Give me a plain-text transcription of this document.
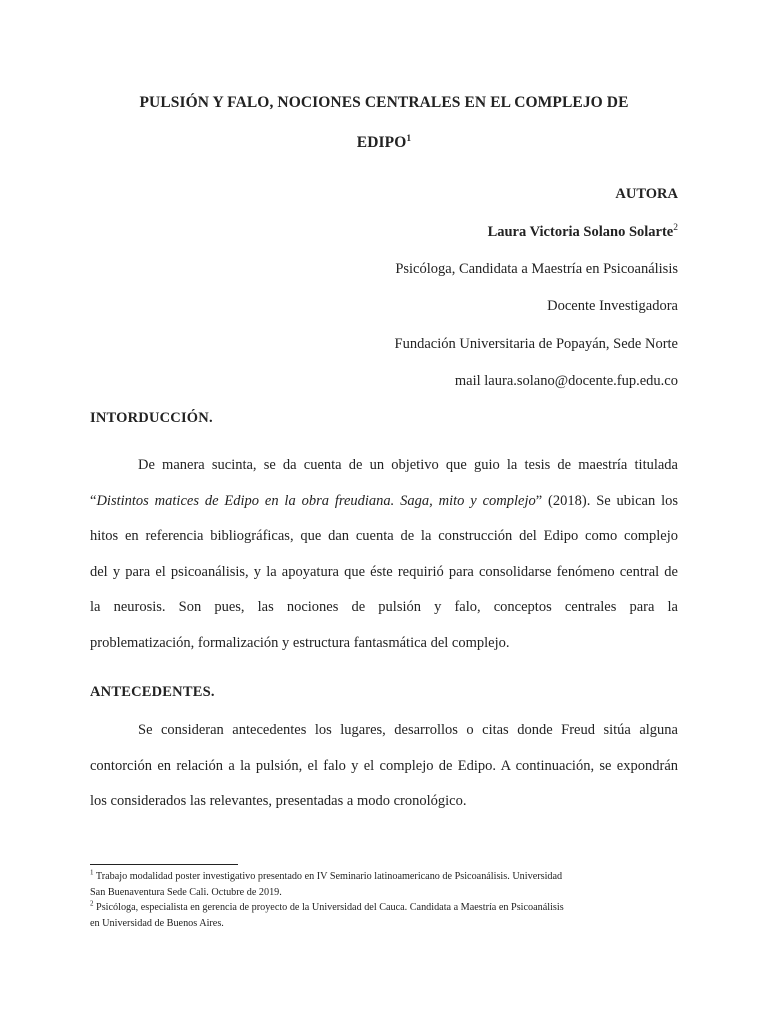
PULSIÓN Y FALO, NOCIONES CENTRALES EN EL COMPLEJO DE
EDIPO$^1$
AUTORA
Laura Victoria Solano Solarte$^2$
Psicóloga, Candidata a Maestría en Psicoanálisis
Docente Investigadora
Fundación Universitaria de Popayán, Sede Norte
mail laura.solano@docente.fup.edu.co
INTORDUCCIÓN.
De manera sucinta, se da cuenta de un objetivo que guio la tesis de maestría titulada
“Distintos matices de Edipo en la obra freudiana. Saga, mito y complejo” (2018). Se ubican los
hitos en referencia bibliográficas, que dan cuenta de la construcción del Edipo como complejo
del y para el psicoanálisis, y la apoyatura que éste requirió para consolidarse fenómeno central de
la neurosis. Son pues, las nociones de pulsión y falo, conceptos centrales para la
problematización, formalización y estructura fantasmática del complejo.
ANTECEDENTES.
Se consideran antecedentes los lugares, desarrollos o citas donde Freud sitúa alguna
contorción en relación a la pulsión, el falo y el complejo de Edipo. A continuación, se expondrán
los considerados las relevantes, presentadas a modo cronológico.
$^1$ Trabajo modalidad poster investigativo presentado en IV Seminario latinoamericano de Psicoanálisis. Universidad
San Buenaventura Sede Cali. Octubre de 2019.
$^2$ Psicóloga, especialista en gerencia de proyecto de la Universidad del Cauca. Candidata a Maestría en Psicoanálisis
en Universidad de Buenos Aires.
